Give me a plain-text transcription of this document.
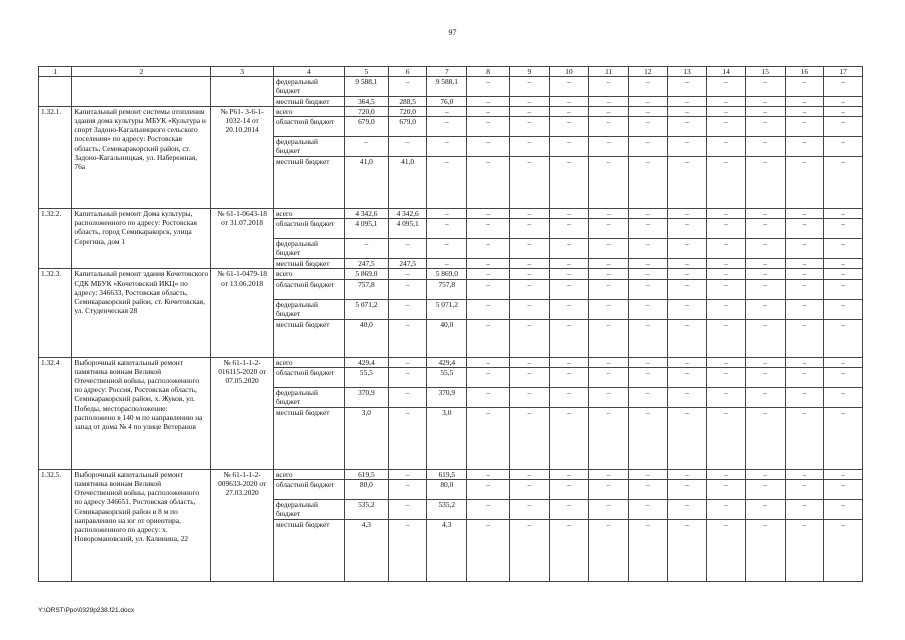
97
1	2	3	4	5	6	7	8	9	10	11	12	13	14	15	16	17
			федеральный бюджет	9 588,1	–	9 588,1	–	–	–	–	–	–	–	–	–	–
			местный бюджет	364,5	288,5	76,0	–	–	–	–	–	–	–	–	–	–
1.32.1.	Капитальный ремонт системы отопления здания дома культуры МБУК «Культура и спорт Задоно-Кагальницкого сельского поселения» по адресу: Ростовская область, Семикаракорский район, ст. Задоно-Кагальницкая, ул. Набережная, 76а	№ Р61- 3-6-1-1032-14 от 20.10.2014	всего	720,0	720,0	–	–	–	–	–	–	–	–	–	–	–
			областной бюджет	679,0	679,0	–	–	–	–	–	–	–	–	–	–	–
			федеральный бюджет	–	–	–	–	–	–	–	–	–	–	–	–	–
			местный бюджет	41,0	41,0	–	–	–	–	–	–	–	–	–	–	–
1.32.2.	Капитальный ремонт Дома культуры, расположенного по адресу: Ростовская область, город Семикаракорск, улица Серегина, дом 1	№ 61-1-0643-18 от 31.07.2018	всего	4 342,6	4 342,6	–	–	–	–	–	–	–	–	–	–	–
			областной бюджет	4 095,1	4 095,1	–	–	–	–	–	–	–	–	–	–	–
			федеральный бюджет	–	–	–	–	–	–	–	–	–	–	–	–	–
			местный бюджет	247,5	247,5	–	–	–	–	–	–	–	–	–	–	–
1.32.3.	Капитальный ремонт здания Кочетовского СДК МБУК «Кочетовский ИКЦ» по адресу: 346633, Ростовская область, Семикаракорский район, ст. Кочетовская, ул. Студенческая 28	№ 61-1-0479-18 от 13.06.2018	всего	5 869,0	–	5 869,0	–	–	–	–	–	–	–	–	–	–
			областной бюджет	757,8	–	757,8	–	–	–	–	–	–	–	–	–	–
			федеральный бюджет	5 071,2	–	5 071,2	–	–	–	–	–	–	–	–	–	–
			местный бюджет	40,0	–	40,0	–	–	–	–	–	–	–	–	–	–
1.32.4	Выборочный капитальный ремонт памятника воинам Великой Отечественной войны, расположенного по адресу: Россия, Ростовская область, Семикаракорский район, х. Жуков, ул. Победы, месторасположение: расположено в 140 м по направлению на запад от дома № 4 по улице Ветеранов	№ 61-1-1-2-016115-2020 от 07.05.2020	всего	429,4	–	429,4	–	–	–	–	–	–	–	–	–	–
			областной бюджет	55,5	–	55,5	–	–	–	–	–	–	–	–	–	–
			федеральный бюджет	370,9	–	370,9	–	–	–	–	–	–	–	–	–	–
			местный бюджет	3,0	–	3,0	–	–	–	–	–	–	–	–	–	–
1.32.5.	Выборочный капитальный ремонт памятника воинам Великой Отечественной войны, расположенного по адресу 346651. Ростовская область, Семикаракорский район в 8 м по направлению на юг от ориентира, расположенного по адресу: х. Новоромановский, ул. Калинина, 22	№ 61-1-1-2-009633-2020 от 27.03.2020	всего	619,5	–	619,5	–	–	–	–	–	–	–	–	–	–
			областной бюджет	80,0	–	80,0	–	–	–	–	–	–	–	–	–	–
			федеральный бюджет	535,2	–	535,2	–	–	–	–	–	–	–	–	–	–
			местный бюджет	4,3	–	4,3	–	–	–	–	–	–	–	–	–	–
Y:\ORST\Ppo\0329p238.f21.docx
